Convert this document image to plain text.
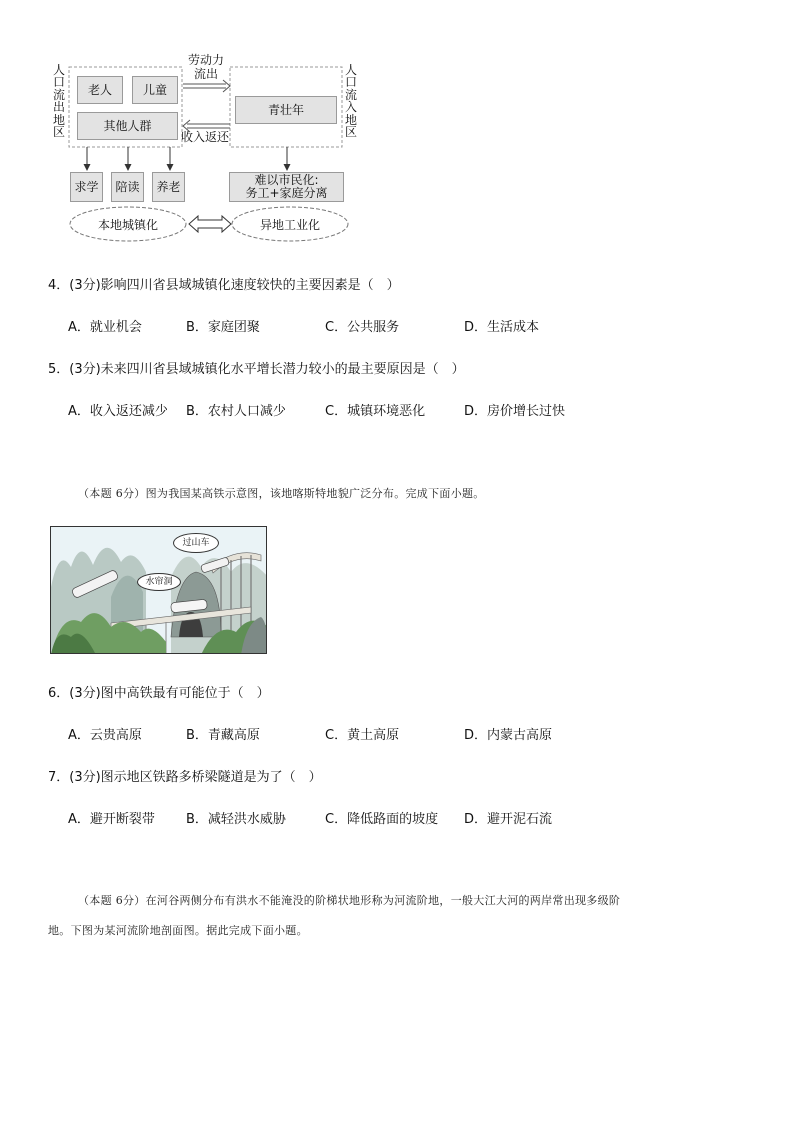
人
口
流
出
地
区
人
口
流
入
地
区
老人	儿童
其他人群
青壮年
劳动力
流出
收入返还
求学	陪读	养老	难以市民化:
务工+家庭分离
本地城镇化	异地工业化
4．(3分)影响四川省县域城镇化速度较快的主要因素是（　）
A．就业机会	B．家庭团聚	C．公共服务	D．生活成本
5．(3分)未来四川省县域城镇化水平增长潜力较小的最主要原因是（　）
A．收入返还减少 B．农村人口减少	C．城镇环境恶化	D．房价增长过快
（本题 6分）图为我国某高铁示意图，该地喀斯特地貌广泛分布。完成下面小题。
过山车
水帘洞
6．(3分)图中高铁最有可能位于（　）
A．云贵高原	B．青藏高原	C．黄土高原	D．内蒙古高原
7．(3分)图示地区铁路多桥梁隧道是为了（　）
A．避开断裂带 B．减轻洪水威胁	C．降低路面的坡度 D．避开泥石流
（本题 6分）在河谷两侧分布有洪水不能淹没的阶梯状地形称为河流阶地，一般大江大河的两岸常出现多级阶
地。下图为某河流阶地剖面图。据此完成下面小题。
